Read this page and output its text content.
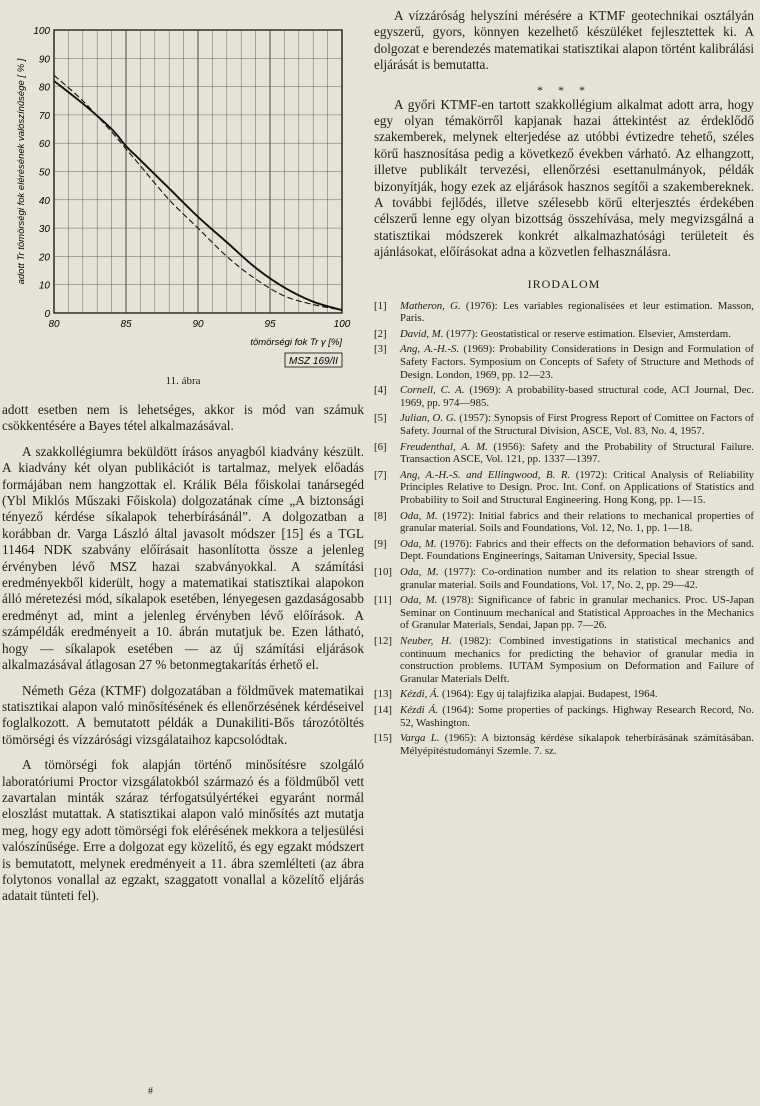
0
10
20
30
40
50
60
70
80
90
100
80	85	90	95	100
adott Tr tömörségi fok elérésének valószínűsége [ % ]
tömörségi fok Tr γ [%]
MSZ 169/II
11. ábra

adott esetben nem is lehetséges, akkor is mód van számuk csökkentésére a Bayes tétel alkalmazásával.

A szakkollégiumra beküldött írásos anyagból kiadvány készült. A kiadvány két olyan publikációt is tartalmaz, melyek előadás formájában nem hangzottak el. Králik Béla főiskolai tanársegéd (Ybl Miklós Műszaki Főiskola) dolgozatának címe „A biztonsági tényező kérdése síkalapok teherbírásánál”. A dolgozatban a korábban dr. Varga László által javasolt módszer [15] és a TGL 11464 NDK szabvány előírásait hasonlította össze a jelenleg érvényben lévő MSZ hazai szabványokkal. A számítási eredményekből kiderült, hogy a matematikai statisztikai alapokon álló méretezési mód, síkalapok esetében, lényegesen gazdaságosabb eredményt ad, mint a jelenleg érvényben lévő előírások. A számpéldák eredményeit a 10. ábrán mutatjuk be. Ezen látható, hogy — síkalapok esetében — az új számítási eljárások alkalmazásával átlagosan 27 % betonmegtakarítás érhető el.

Németh Géza (KTMF) dolgozatában a földművek matematikai statisztikai alapon való minősítésének és ellenőrzésének kérdéseivel foglalkozott. A bemutatott példák a Dunakiliti-Bős tározótöltés tömörségi és vízzárósági vizsgálataihoz kapcsolódtak.

A tömörségi fok alapján történő minősítésre szolgáló laboratóriumi Proctor vizsgálatokból származó és a földműből vett zavartalan minták száraz térfogatsúlyértékei egyaránt normál eloszlást mutattak. A statisztikai alapon való minősítés azt mutatja meg, hogy egy adott tömörségi fok elérésének mekkora a teljesülési valószínűsége. Erre a dolgozat egy közelítő, és egy egzakt módszert is bemutatott, melynek eredményeit a 11. ábra szemlélteti (az ábra folytonos vonallal az egzakt, szaggatott vonallal a közelítő eljárás adatait tünteti fel).

A vízzáróság helyszíni mérésére a KTMF geotechnikai osztályán egyszerű, gyors, könnyen kezelhető készüléket fejlesztettek ki. A dolgozat e berendezés matematikai statisztikai alapon történt kalibrálási eljárását is bemutatta.

* * *

A győri KTMF-en tartott szakkollégium alkalmat adott arra, hogy egy olyan témakörről kapjanak hazai áttekintést az érdeklődő szakemberek, melynek elterjedése az utóbbi évtizedre tehető, széles körű hasznosítása pedig a következő években várható. Az elhangzott, illetve publikált tervezési, ellenőrzési esettanulmányok, példák bizonyítják, hogy ezek az eljárások hasznos segítői a szakembereknek. A további fejlődés, illetve szélesebb körű elterjesztés érdekében célszerű lenne egy olyan bizottság összehívása, mely megvizsgálná a statisztikai módszerek konkrét alkalmazhatósági területeit és ajánlásokat, előírásokat adna a közvetlen felhasználásra.

IRODALOM
[1]	Matheron, G. (1976): Les variables regionalisées et leur estimation. Masson, Paris.
[2]	David, M. (1977): Geostatistical or reserve estimation. Elsevier, Amsterdam.
[3]	Ang, A.-H.-S. (1969): Probability Considerations in Design and Formulation of Safety Factors. Symposium on Concepts of Safety of Structure and Methods of Design. London, 1969, pp. 12—23.
[4]	Cornell, C. A. (1969): A probability-based structural code, ACI Journal, Dec. 1969, pp. 974—985.
[5]	Julian, O. G. (1957): Synopsis of First Progress Report of Comittee on Factors of Safety. Journal of the Structural Division, ASCE, Vol. 83, No. 4, 1957.
[6]	Freudenthal, A. M. (1956): Safety and the Probability of Structural Failure. Transaction ASCE, Vol. 121, pp. 1337—1397.
[7]	Ang, A.-H.-S. and Ellingwood, B. R. (1972): Critical Analysis of Reliability Principles Relative to Design. Proc. Int. Conf. on Applications of Statistics and Probability to Soil and Structural Engineering. Hong Kong, pp. 1—15.
[8]	Oda, M. (1972): Initial fabrics and their relations to mechanical properties of granular material. Soils and Foundations, Vol. 12, No. 1, pp. 1—18.
[9]	Oda, M. (1976): Fabrics and their effects on the deformation behaviors of sand. Dept. Foundations Engineerings, Saitaman University, Special Issue.
[10] Oda, M. (1977): Co-ordination number and its relation to shear strength of granular material. Soils and Foundations, Vol. 17, No. 2, pp. 29—42.
[11] Oda, M. (1978): Significance of fabric in granular mechanics. Proc. US-Japan Seminar on Continuum mechanical and Statistical Approaches in the Mechanics of Granular Materials, Sendai, Japan pp. 7—26.
[12] Neuber, H. (1982): Combined investigations in statistical mechanics and continuum mechanics for predicting the behavior of granular media in construction problems. IUTAM Symposium on Deformation and Failure of Granular Materials Delft.
[13] Kézdi, Á. (1964): Egy új talajfizika alapjai. Budapest, 1964.
[14] Kézdi Á. (1964): Some properties of packings. Highway Research Record, No. 52, Washington.
[15] Varga L. (1965): A biztonság kérdése síkalapok teherbírásának számításában. Mélyépítéstudományi Szemle. 7. sz.
#
